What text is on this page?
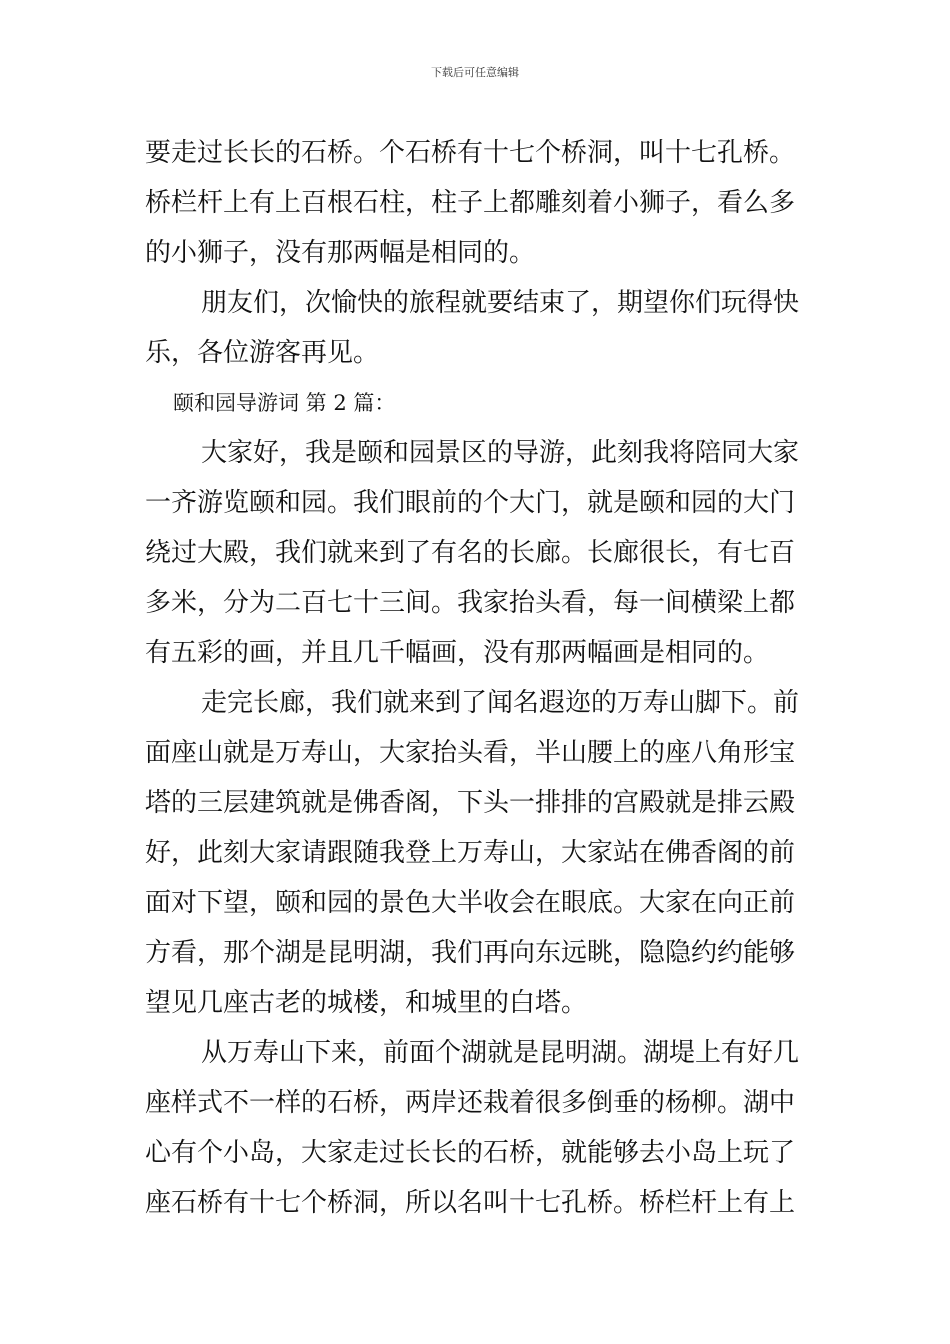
下载后可任意编辑
要走过长长的石桥。个石桥有十七个桥洞，叫十七孔桥。
桥栏杆上有上百根石柱，柱子上都雕刻着小狮子，看么多
的小狮子，没有那两幅是相同的。
朋友们，次愉快的旅程就要结束了，期望你们玩得快
乐，各位游客再见。
颐和园导游词 第 2 篇：
大家好，我是颐和园景区的导游，此刻我将陪同大家
一齐游览颐和园。我们眼前的个大门，就是颐和园的大门
绕过大殿，我们就来到了有名的长廊。长廊很长，有七百
多米，分为二百七十三间。我家抬头看，每一间横梁上都
有五彩的画，并且几千幅画，没有那两幅画是相同的。
走完长廊，我们就来到了闻名遐迩的万寿山脚下。前
面座山就是万寿山，大家抬头看，半山腰上的座八角形宝
塔的三层建筑就是佛香阁，下头一排排的宫殿就是排云殿
好，此刻大家请跟随我登上万寿山，大家站在佛香阁的前
面对下望，颐和园的景色大半收会在眼底。大家在向正前
方看，那个湖是昆明湖，我们再向东远眺，隐隐约约能够
望见几座古老的城楼，和城里的白塔。
从万寿山下来，前面个湖就是昆明湖。湖堤上有好几
座样式不一样的石桥，两岸还栽着很多倒垂的杨柳。湖中
心有个小岛，大家走过长长的石桥，就能够去小岛上玩了
座石桥有十七个桥洞，所以名叫十七孔桥。桥栏杆上有上
